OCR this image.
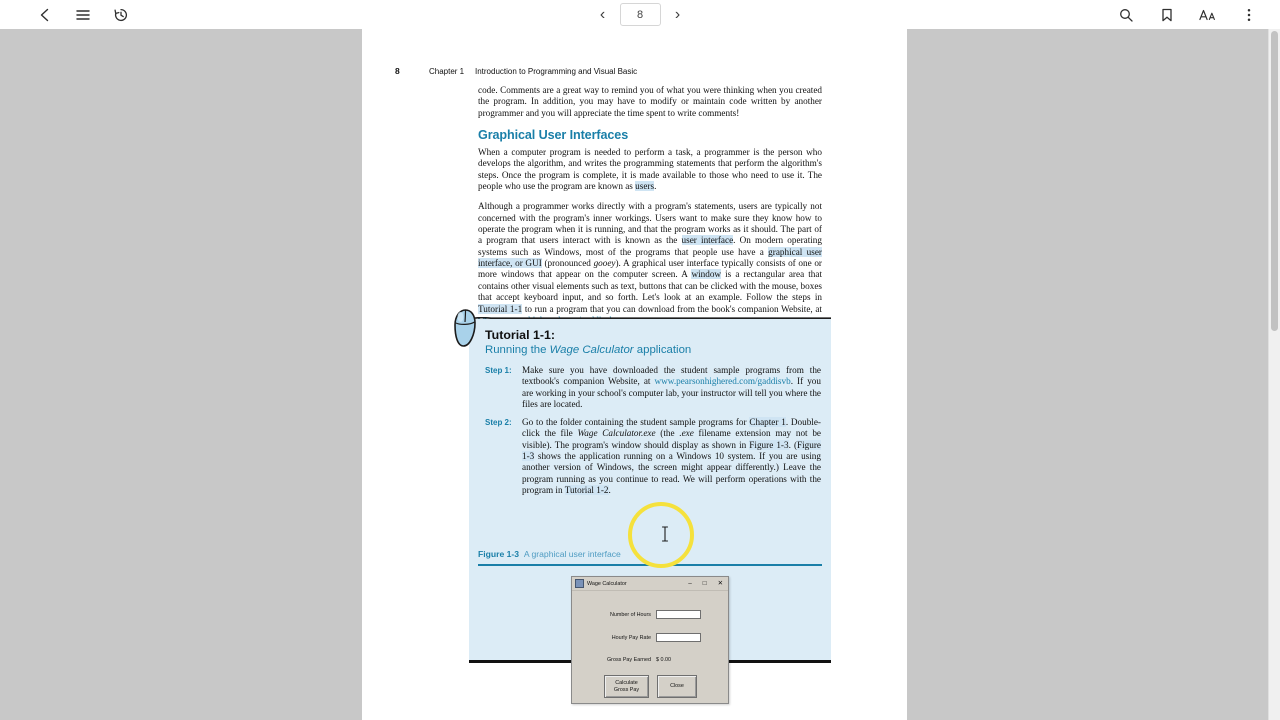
‹	8	›
8	Chapter 1 Introduction to Programming and Visual Basic

code. Comments are a great way to remind you of what you were thinking when you created the program. In addition, you may have to modify or maintain code written by another programmer and you will appreciate the time spent to write comments!

Graphical User Interfaces

When a computer program is needed to perform a task, a programmer is the person who develops the algorithm, and writes the programming statements that perform the algorithm's steps. Once the program is complete, it is made available to those who need to use it. The people who use the program are known as users.

Although a programmer works directly with a program's statements, users are typically not concerned with the program's inner workings. Users want to make sure they know how to operate the program when it is running, and that the program works as it should. The part of a program that users interact with is known as the user interface. On modern operating systems such as Windows, most of the programs that people use have a graphical user interface, or GUI (pronounced gooey). A graphical user interface typically consists of one or more windows that appear on the computer screen. A window is a rectangular area that contains other visual elements such as text, buttons that can be clicked with the mouse, boxes that accept keyboard input, and so forth. Let's look at an example. Follow the steps in Tutorial 1-1 to run a program that you can download from the book's companion Website, at

Tutorial 1-1:
Running the Wage Calculator application
Step 1:	Make sure you have downloaded the student sample programs from the textbook's companion Website, at www.pearsonhighered.com/gaddisvb. If you are working in your school's computer lab, your instructor will tell you where the files are located.
Step 2:	Go to the folder containing the student sample programs for Chapter 1. Double-click the file Wage Calculator.exe (the .exe filename extension may not be visible). The program's window should display as shown in Figure 1-3. (Figure 1-3 shows the application running on a Windows 10 system. If you are using another version of Windows, the screen might appear differently.) Leave the program running as you continue to read. We will perform operations with the program in Tutorial 1-2.
Figure 1-3 A graphical user interface
Wage Calculator	– □ ✕
Number of Hours
Hourly Pay Rate
Gross Pay Earned $ 0.00
Calculate
Gross Pay
Close
